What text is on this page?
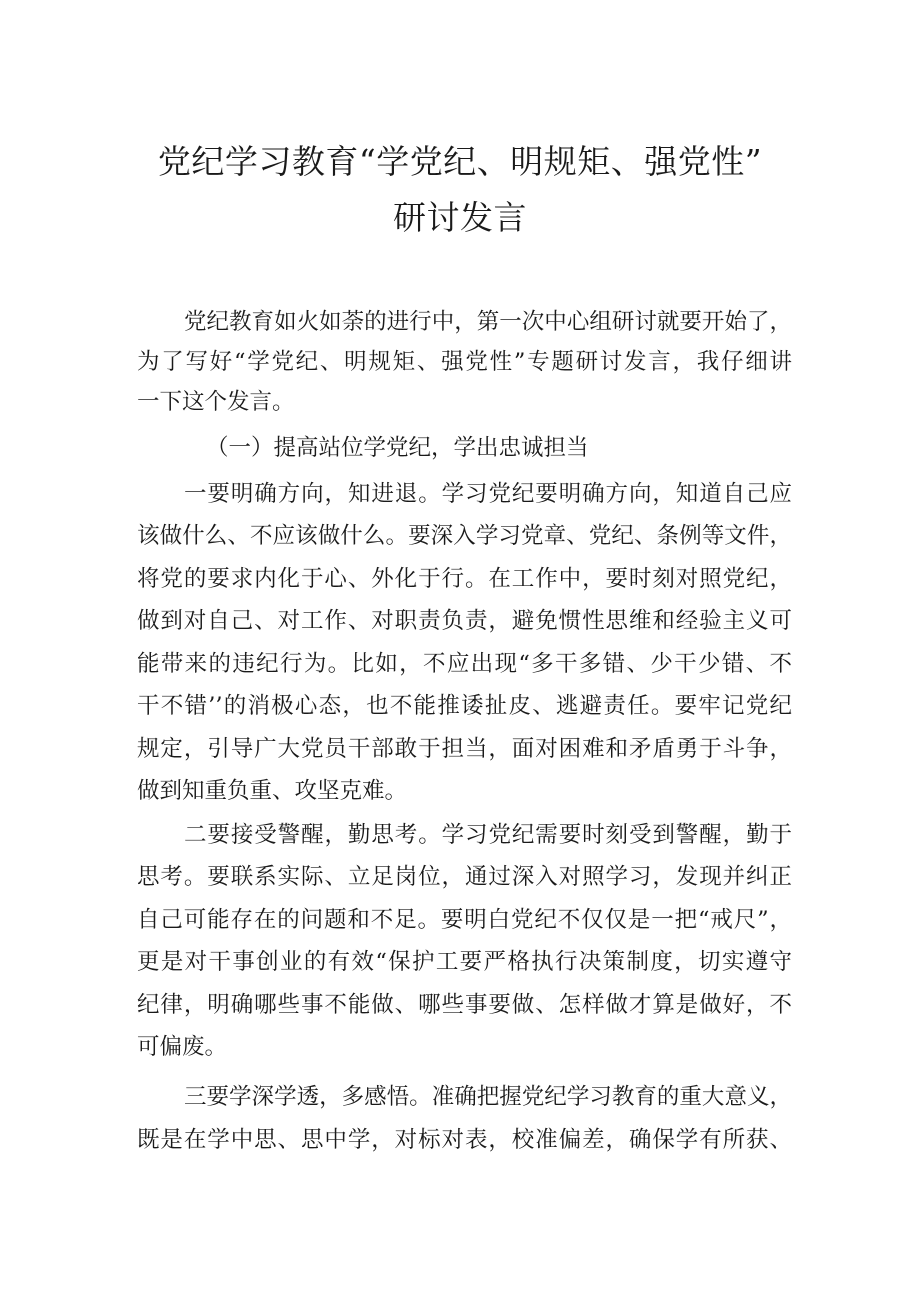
党纪学习教育“学党纪、明规矩、强党性”
研讨发言
党纪教育如火如荼的进行中，第一次中心组研讨就要开始了，
为了写好“学党纪、明规矩、强党性”专题研讨发言，我仔细讲
一下这个发言。
（一）提高站位学党纪，学出忠诚担当
一要明确方向，知进退。学习党纪要明确方向，知道自己应
该做什么、不应该做什么。要深入学习党章、党纪、条例等文件，
将党的要求内化于心、外化于行。在工作中，要时刻对照党纪，
做到对自己、对工作、对职责负责，避免惯性思维和经验主义可
能带来的违纪行为。比如，不应出现“多干多错、少干少错、不
干不错’’的消极心态，也不能推诿扯皮、逃避责任。要牢记党纪
规定，引导广大党员干部敢于担当，面对困难和矛盾勇于斗争，
做到知重负重、攻坚克难。
二要接受警醒，勤思考。学习党纪需要时刻受到警醒，勤于
思考。要联系实际、立足岗位，通过深入对照学习，发现并纠正
自己可能存在的问题和不足。要明白党纪不仅仅是一把“戒尺”，
更是对干事创业的有效“保护工要严格执行决策制度，切实遵守
纪律，明确哪些事不能做、哪些事要做、怎样做才算是做好，不
可偏废。
三要学深学透，多感悟。准确把握党纪学习教育的重大意义，
既是在学中思、思中学，对标对表，校准偏差，确保学有所获、
